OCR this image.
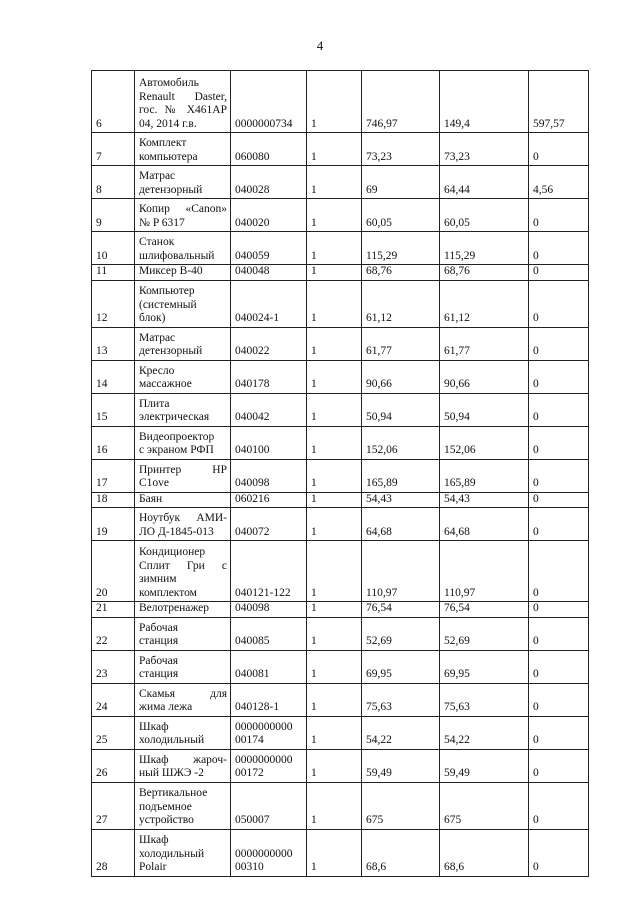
4
6	Автомобиль
Renault Daster,
гос. № Х461АР
04, 2014 г.в.	0000000734	1	746,97	149,4	597,57
7	Комплект
компьютера	060080	1	73,23	73,23	0
8	Матрас
детензорный	040028	1	69	64,44	4,56
9	Копир «Canon»
№ P 6317	040020	1	60,05	60,05	0
10	Станок
шлифовальный	040059	1	115,29	115,29	0
11	Миксер В-40	040048	1	68,76	68,76	0
12	Компьютер
(системный
блок)	040024-1	1	61,12	61,12	0
13	Матрас
детензорный	040022	1	61,77	61,77	0
14	Кресло
массажное	040178	1	90,66	90,66	0
15	Плита
электрическая	040042	1	50,94	50,94	0
16	Видеопроектор
с экраном РФП	040100	1	152,06	152,06	0
17	Принтер HP
C1ove	040098	1	165,89	165,89	0
18	Баян	060216	1	54,43	54,43	0
19	Ноутбук АМИ-
ЛО Д-1845-013	040072	1	64,68	64,68	0
20	Кондиционер
Сплит Гри с
зимним
комплектом	040121-122	1	110,97	110,97	0
21	Велотренажер	040098	1	76,54	76,54	0
22	Рабочая
станция	040085	1	52,69	52,69	0
23	Рабочая
станция	040081	1	69,95	69,95	0
24	Скамья для
жима лежа	040128-1	1	75,63	75,63	0
25	Шкаф
холодильный	0000000000 00174	1	54,22	54,22	0
26	Шкаф жароч-
ный ШЖЭ -2	0000000000 00172	1	59,49	59,49	0
27	Вертикальное
подъемное
устройство	050007	1	675	675	0
28	Шкаф
холодильный
Polair	0000000000 00310	1	68,6	68,6	0
